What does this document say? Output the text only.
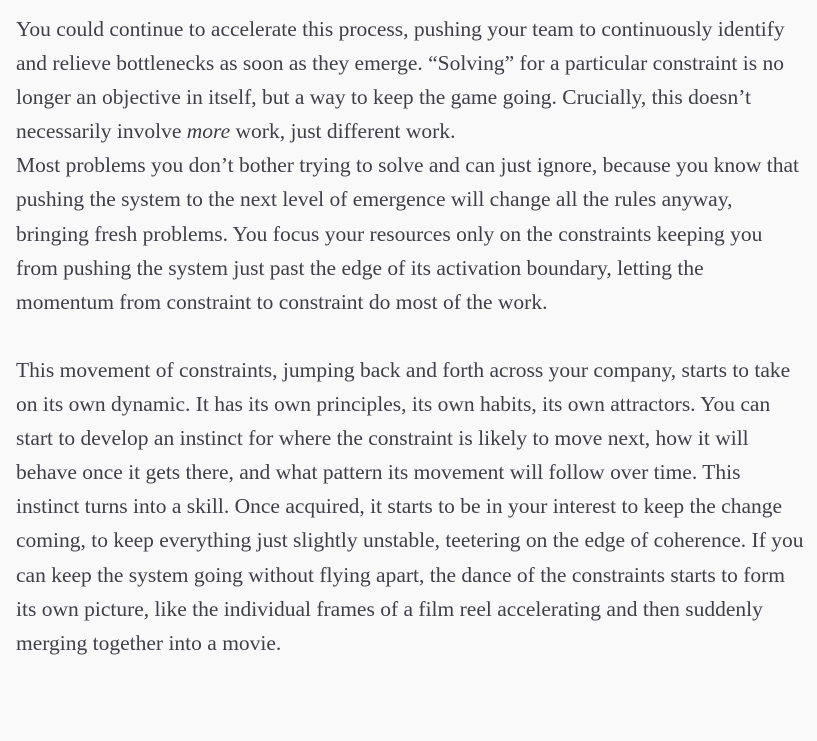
You could continue to accelerate this process, pushing your team to continuously identify and relieve bottlenecks as soon as they emerge. “Solving” for a particular constraint is no longer an objective in itself, but a way to keep the game going. Crucially, this doesn’t necessarily involve more work, just different work.

Most problems you don’t bother trying to solve and can just ignore, because you know that pushing the system to the next level of emergence will change all the rules anyway, bringing fresh problems. You focus your resources only on the constraints keeping you from pushing the system just past the edge of its activation boundary, letting the momentum from constraint to constraint do most of the work.

This movement of constraints, jumping back and forth across your company, starts to take on its own dynamic. It has its own principles, its own habits, its own attractors. You can start to develop an instinct for where the constraint is likely to move next, how it will behave once it gets there, and what pattern its movement will follow over time. This instinct turns into a skill. Once acquired, it starts to be in your interest to keep the change coming, to keep everything just slightly unstable, teetering on the edge of coherence. If you can keep the system going without flying apart, the dance of the constraints starts to form its own picture, like the individual frames of a film reel accelerating and then suddenly merging together into a movie.
